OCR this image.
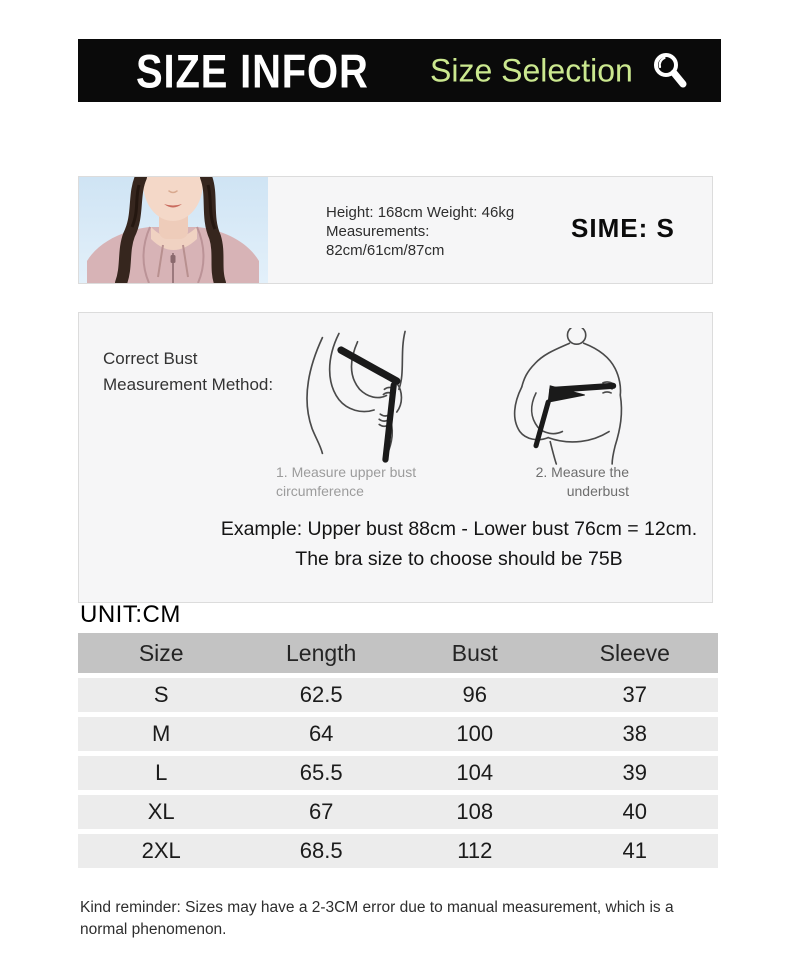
SIZE INFOR Size Selection
Height: 168cm Weight: 46kg
Measurements:
82cm/61cm/87cm
SIME: S
Correct Bust
Measurement Method:
1. Measure upper bust
circumference
2. Measure the
underbust
Example: Upper bust 88cm - Lower bust 76cm = 12cm.
The bra size to choose should be 75B
UNIT:CM
Size	Length	Bust	Sleeve
S	62.5	96	37
M	64	100	38
L	65.5	104	39
XL	67	108	40
2XL	68.5	112	41
Kind reminder: Sizes may have a 2-3CM error due to manual measurement, which is a normal phenomenon.
